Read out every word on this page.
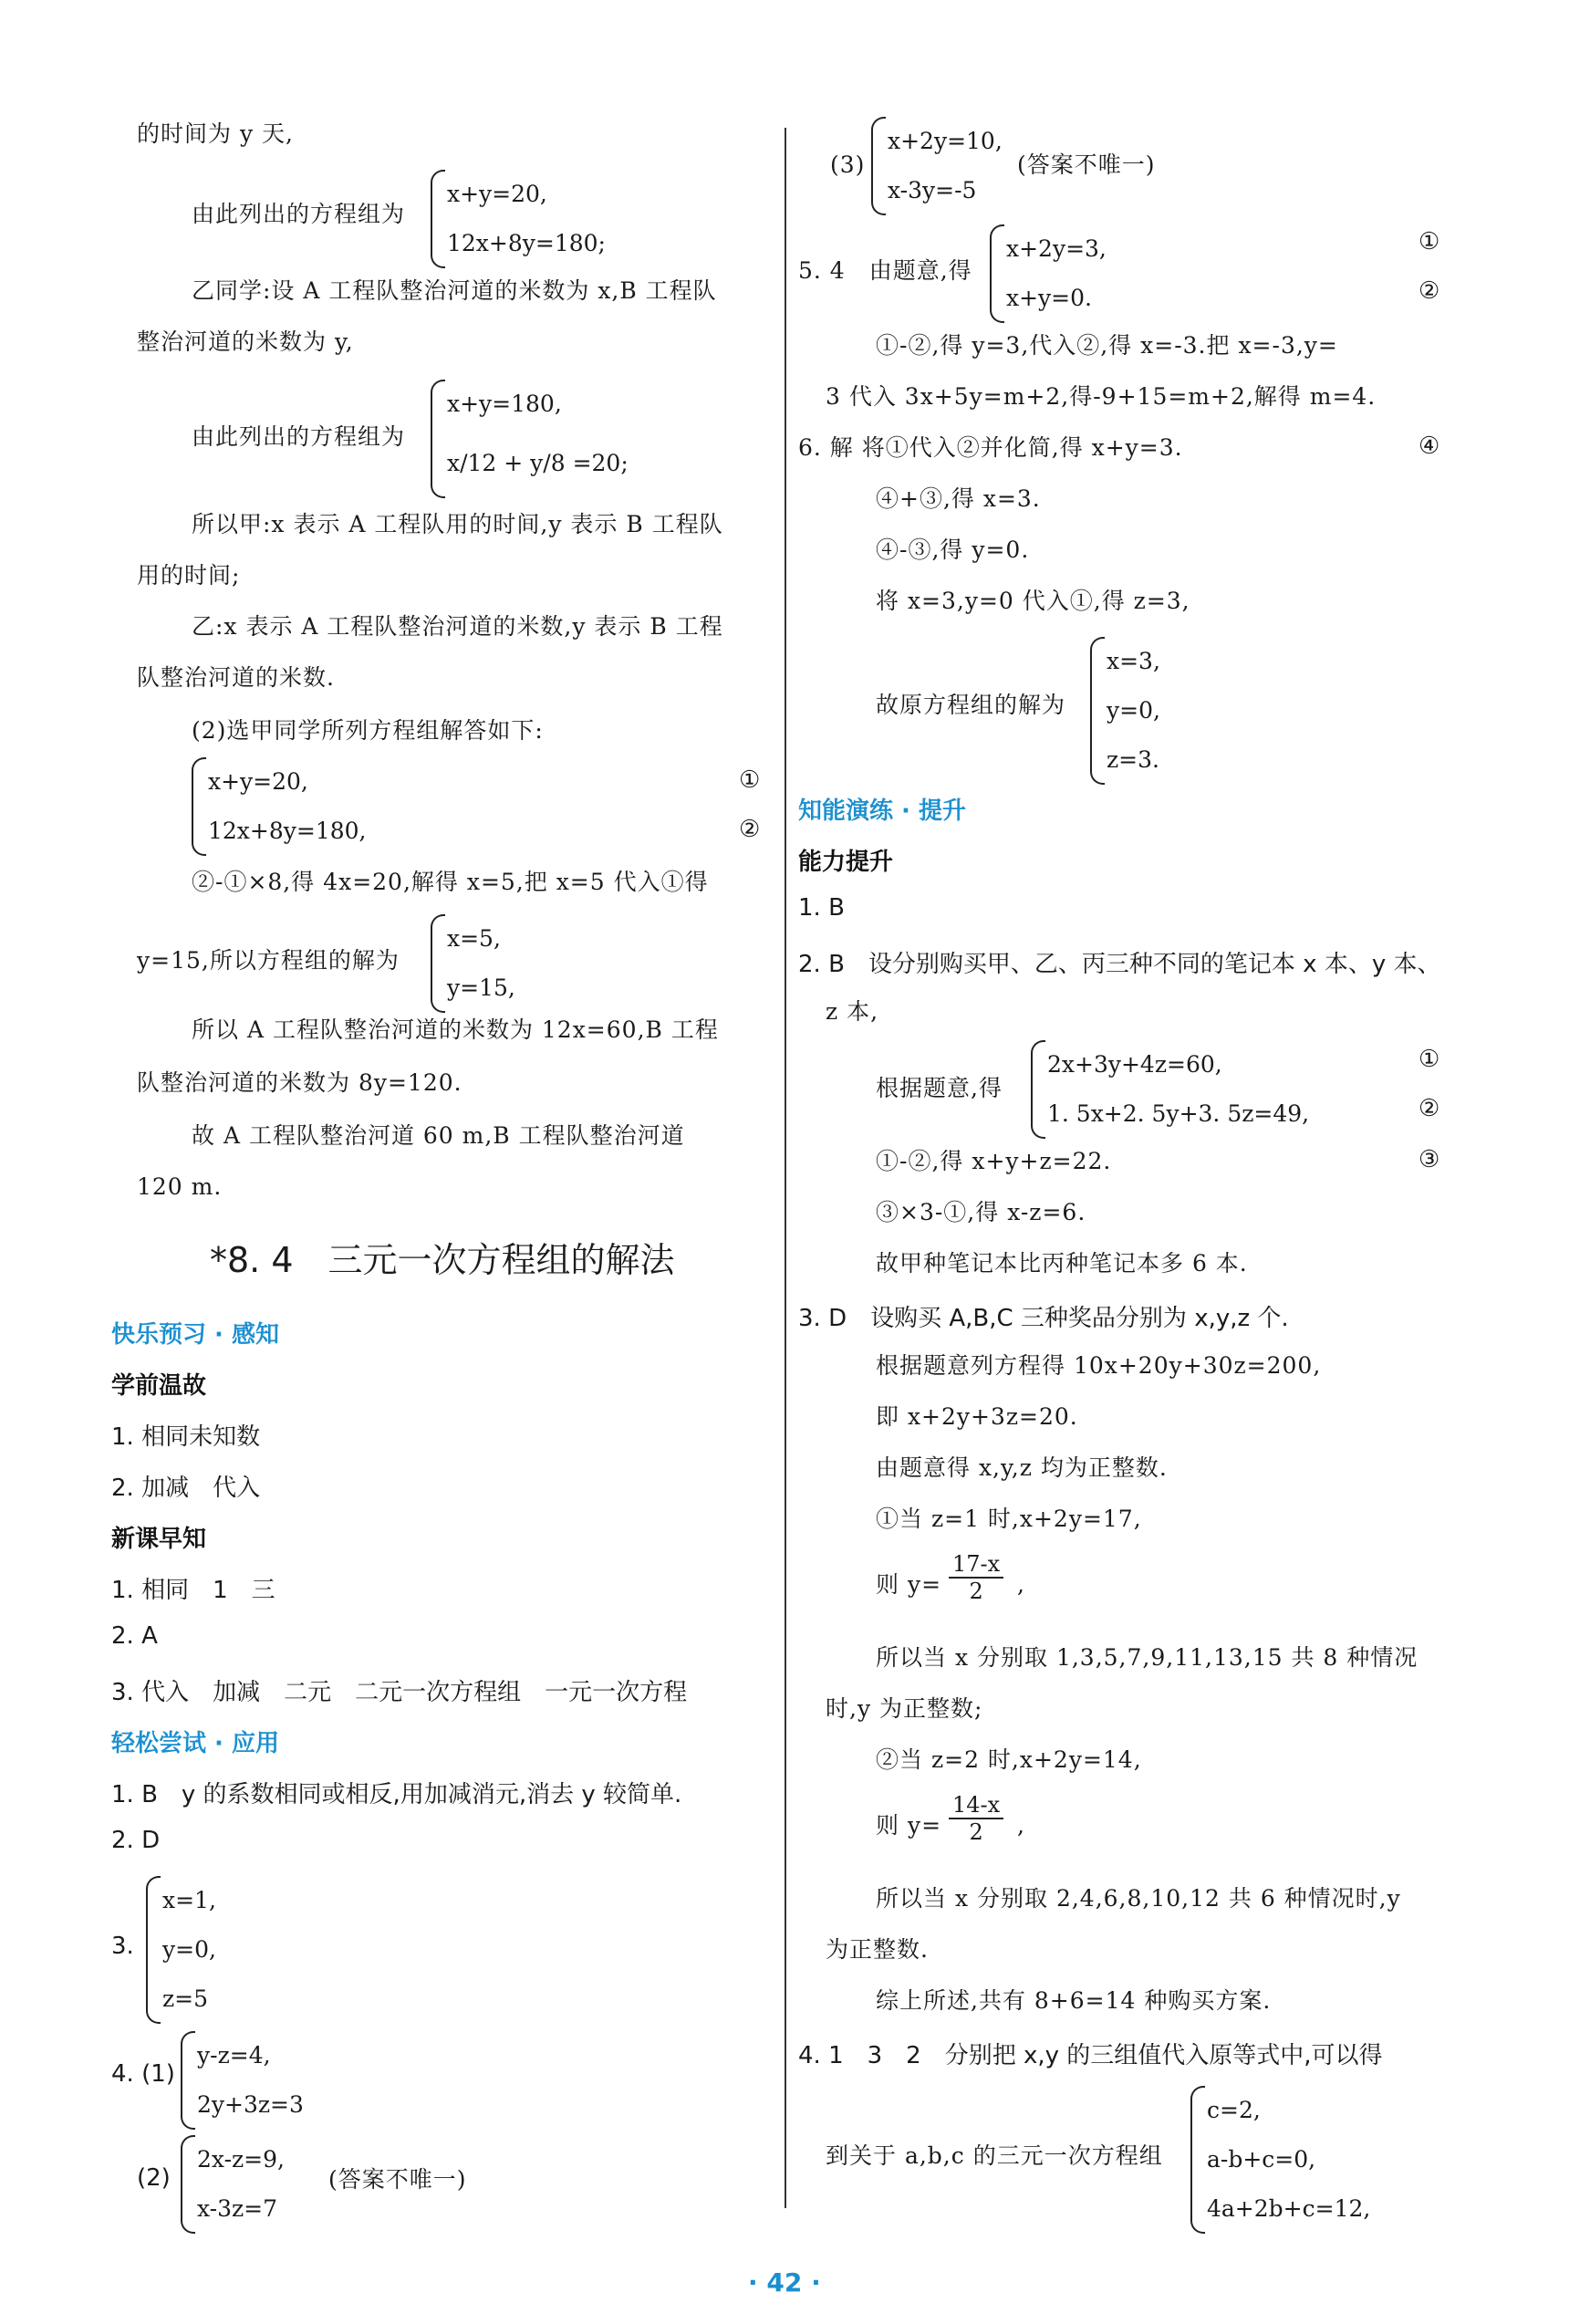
的时间为 y 天,
由此列出的方程组为
x+y=20,
12x+8y=180;
乙同学:设 A 工程队整治河道的米数为 x,B 工程队
整治河道的米数为 y,
由此列出的方程组为
x+y=180,
x/12 + y/8 =20;
所以甲:x 表示 A 工程队用的时间,y 表示 B 工程队
用的时间;
乙:x 表示 A 工程队整治河道的米数,y 表示 B 工程
队整治河道的米数.
(2)选甲同学所列方程组解答如下:
x+y=20,
12x+8y=180,
①
②
②-①×8,得 4x=20,解得 x=5,把 x=5 代入①得
y=15,所以方程组的解为
x=5,
y=15,
所以 A 工程队整治河道的米数为 12x=60,B 工程
队整治河道的米数为 8y=120.
故 A 工程队整治河道 60 m,B 工程队整治河道
120 m.
*8. 4　三元一次方程组的解法
快乐预习 · 感知
学前温故
1. 相同未知数
2. 加减　代入
新课早知
1. 相同　1　三
2. A
3. 代入　加减　二元　二元一次方程组　一元一次方程
轻松尝试 · 应用
1. B　y 的系数相同或相反,用加减消元,消去 y 较简单.
2. D
3.
x=1,
y=0,
z=5
4. (1)
y-z=4,
2y+3z=3
(2)
2x-z=9,
x-3z=7
(答案不唯一)
(3)
x+2y=10,
x-3y=-5
(答案不唯一)
5. 4　由题意,得
x+2y=3,
x+y=0.
①
②
①-②,得 y=3,代入②,得 x=-3.把 x=-3,y=
3 代入 3x+5y=m+2,得-9+15=m+2,解得 m=4.
6. 解 将①代入②并化简,得 x+y=3.	④
④+③,得 x=3.
④-③,得 y=0.
将 x=3,y=0 代入①,得 z=3,
故原方程组的解为
x=3,
y=0,
z=3.
知能演练 · 提升
能力提升
1. B
2. B　设分别购买甲、乙、丙三种不同的笔记本 x 本、y 本、
z 本,
根据题意,得
2x+3y+4z=60,
1. 5x+2. 5y+3. 5z=49,
①
②
①-②,得 x+y+z=22.	③
③×3-①,得 x-z=6.
故甲种笔记本比丙种笔记本多 6 本.
3. D　设购买 A,B,C 三种奖品分别为 x,y,z 个.
根据题意列方程得 10x+20y+30z=200,
即 x+2y+3z=20.
由题意得 x,y,z 均为正整数.
①当 z=1 时,x+2y=17,
则 y=
17-x
2	,
所以当 x 分别取 1,3,5,7,9,11,13,15 共 8 种情况
时,y 为正整数;
②当 z=2 时,x+2y=14,
则 y=
14-x
2	,
所以当 x 分别取 2,4,6,8,10,12 共 6 种情况时,y
为正整数.
综上所述,共有 8+6=14 种购买方案.
4. 1　3　2　分别把 x,y 的三组值代入原等式中,可以得
到关于 a,b,c 的三元一次方程组
c=2,
a-b+c=0,
4a+2b+c=12,
· 42 ·
